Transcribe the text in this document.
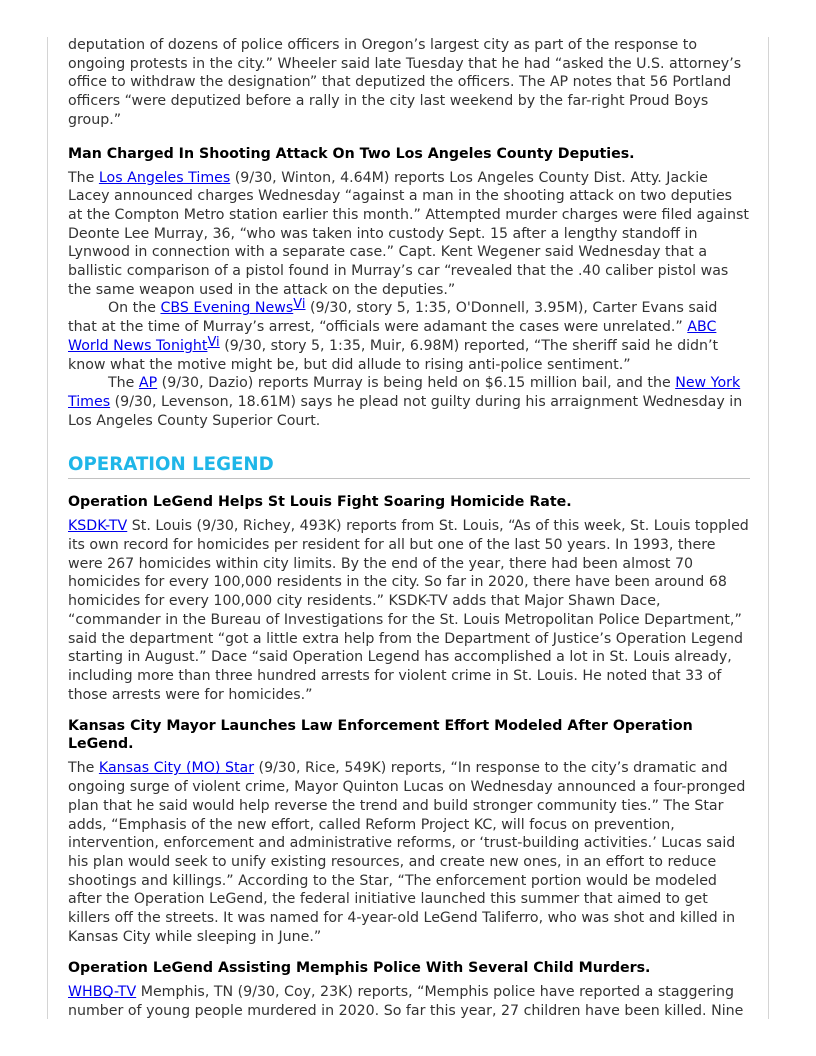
deputation of dozens of police officers in Oregon’s largest city as part of the response to ongoing protests in the city.” Wheeler said late Tuesday that he had “asked the U.S. attorney’s office to withdraw the designation” that deputized the officers. The AP notes that 56 Portland officers “were deputized before a rally in the city last weekend by the far-right Proud Boys group.”

Man Charged In Shooting Attack On Two Los Angeles County Deputies.

The Los Angeles Times (9/30, Winton, 4.64M) reports Los Angeles County Dist. Atty. Jackie Lacey announced charges Wednesday “against a man in the shooting attack on two deputies at the Compton Metro station earlier this month.” Attempted murder charges were filed against Deonte Lee Murray, 36, “who was taken into custody Sept. 15 after a lengthy standoff in Lynwood in connection with a separate case.” Capt. Kent Wegener said Wednesday that a ballistic comparison of a pistol found in Murray’s car “revealed that the .40 caliber pistol was the same weapon used in the attack on the deputies.”

On the CBS Evening NewsVi (9/30, story 5, 1:35, O'Donnell, 3.95M), Carter Evans said that at the time of Murray’s arrest, “officials were adamant the cases were unrelated.” ABC World News TonightVi (9/30, story 5, 1:35, Muir, 6.98M) reported, “The sheriff said he didn’t know what the motive might be, but did allude to rising anti-police sentiment.”

The AP (9/30, Dazio) reports Murray is being held on $6.15 million bail, and the New York Times (9/30, Levenson, 18.61M) says he plead not guilty during his arraignment Wednesday in Los Angeles County Superior Court.

OPERATION LEGEND
Operation LeGend Helps St Louis Fight Soaring Homicide Rate.

KSDK-TV St. Louis (9/30, Richey, 493K) reports from St. Louis, “As of this week, St. Louis toppled its own record for homicides per resident for all but one of the last 50 years. In 1993, there were 267 homicides within city limits. By the end of the year, there had been almost 70 homicides for every 100,000 residents in the city. So far in 2020, there have been around 68 homicides for every 100,000 city residents.” KSDK-TV adds that Major Shawn Dace, “commander in the Bureau of Investigations for the St. Louis Metropolitan Police Department,” said the department “got a little extra help from the Department of Justice’s Operation Legend starting in August.” Dace “said Operation Legend has accomplished a lot in St. Louis already, including more than three hundred arrests for violent crime in St. Louis. He noted that 33 of those arrests were for homicides.”

Kansas City Mayor Launches Law Enforcement Effort Modeled After Operation LeGend.

The Kansas City (MO) Star (9/30, Rice, 549K) reports, “In response to the city’s dramatic and ongoing surge of violent crime, Mayor Quinton Lucas on Wednesday announced a four-pronged plan that he said would help reverse the trend and build stronger community ties.” The Star adds, “Emphasis of the new effort, called Reform Project KC, will focus on prevention, intervention, enforcement and administrative reforms, or ‘trust-building activities.’ Lucas said his plan would seek to unify existing resources, and create new ones, in an effort to reduce shootings and killings.” According to the Star, “The enforcement portion would be modeled after the Operation LeGend, the federal initiative launched this summer that aimed to get killers off the streets. It was named for 4-year-old LeGend Taliferro, who was shot and killed in Kansas City while sleeping in June.”

Operation LeGend Assisting Memphis Police With Several Child Murders.

WHBQ-TV Memphis, TN (9/30, Coy, 23K) reports, “Memphis police have reported a staggering number of young people murdered in 2020. So far this year, 27 children have been killed. Nine
